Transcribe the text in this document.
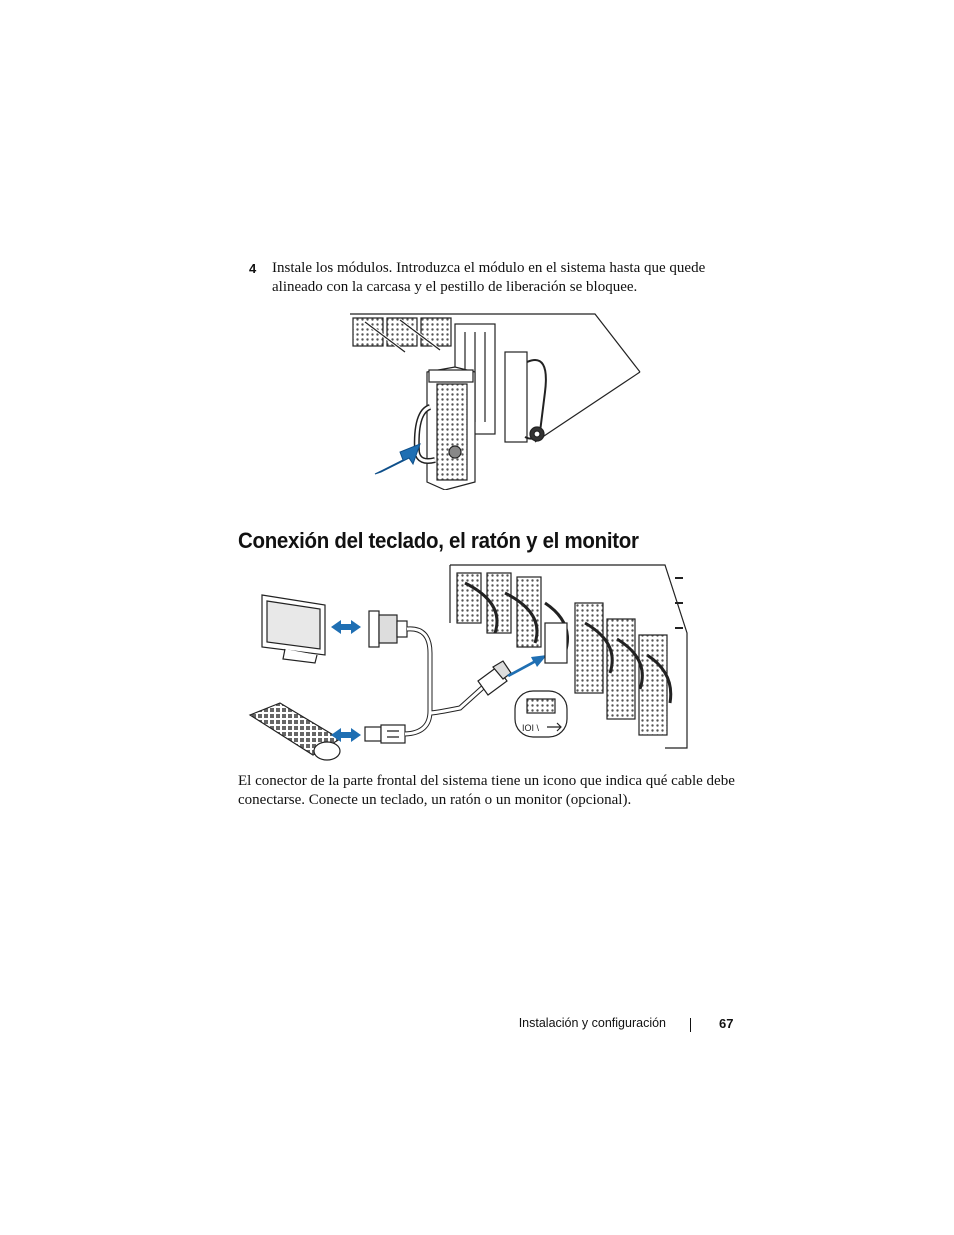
4 Instale los módulos. Introduzca el módulo en el sistema hasta que quede alineado con la carcasa y el pestillo de liberación se bloquee.
Conexión del teclado, el ratón y el monitor
IOI \

El conector de la parte frontal del sistema tiene un icono que indica qué cable debe conectarse. Conecte un teclado, un ratón o un monitor (opcional).

Instalación y configuración	67
